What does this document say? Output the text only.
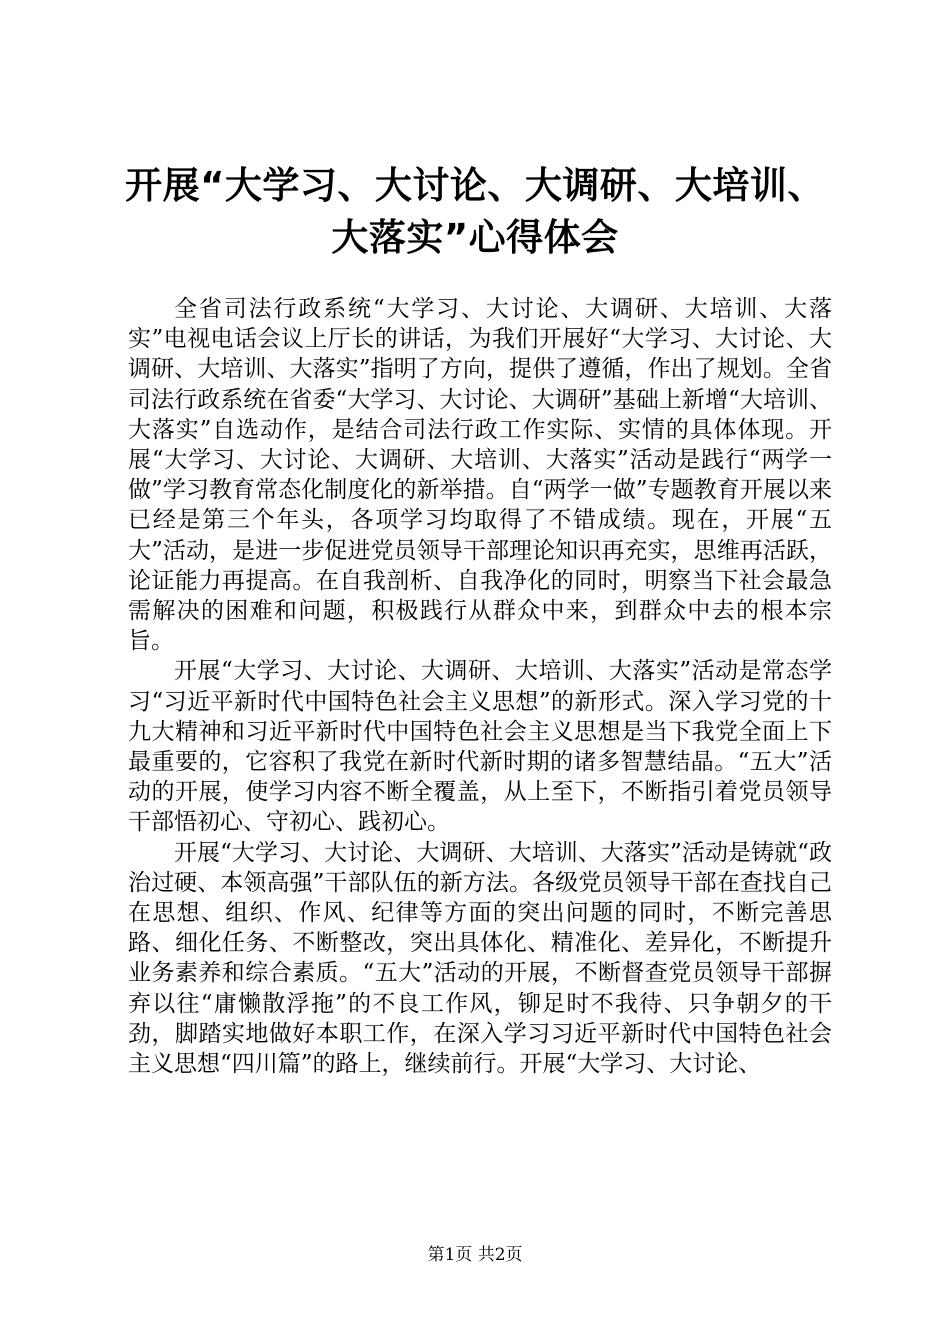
开展“大学习、大讨论、大调研、大培训、大落实”心得体会

全省司法行政系统“大学习、大讨论、大调研、大培训、大落实”电视电话会议上厅长的讲话，为我们开展好“大学习、大讨论、大调研、大培训、大落实”指明了方向，提供了遵循，作出了规划。全省司法行政系统在省委“大学习、大讨论、大调研”基础上新增“大培训、大落实”自选动作，是结合司法行政工作实际、实情的具体体现。开展“大学习、大讨论、大调研、大培训、大落实”活动是践行“两学一做”学习教育常态化制度化的新举措。自“两学一做”专题教育开展以来已经是第三个年头，各项学习均取得了不错成绩。现在，开展“五大”活动，是进一步促进党员领导干部理论知识再充实，思维再活跃，论证能力再提高。在自我剖析、自我净化的同时，明察当下社会最急需解决的困难和问题，积极践行从群众中来，到群众中去的根本宗旨。

开展“大学习、大讨论、大调研、大培训、大落实”活动是常态学习“习近平新时代中国特色社会主义思想”的新形式。深入学习党的十九大精神和习近平新时代中国特色社会主义思想是当下我党全面上下最重要的，它容积了我党在新时代新时期的诸多智慧结晶。“五大”活动的开展，使学习内容不断全覆盖，从上至下，不断指引着党员领导干部悟初心、守初心、践初心。

开展“大学习、大讨论、大调研、大培训、大落实”活动是铸就“政治过硬、本领高强”干部队伍的新方法。各级党员领导干部在查找自己在思想、组织、作风、纪律等方面的突出问题的同时，不断完善思路、细化任务、不断整改，突出具体化、精准化、差异化，不断提升业务素养和综合素质。“五大”活动的开展，不断督查党员领导干部摒弃以往“庸懒散浮拖”的不良工作风，铆足时不我待、只争朝夕的干劲，脚踏实地做好本职工作，在深入学习习近平新时代中国特色社会主义思想“四川篇”的路上，继续前行。开展“大学习、大讨论、

第1页 共2页
